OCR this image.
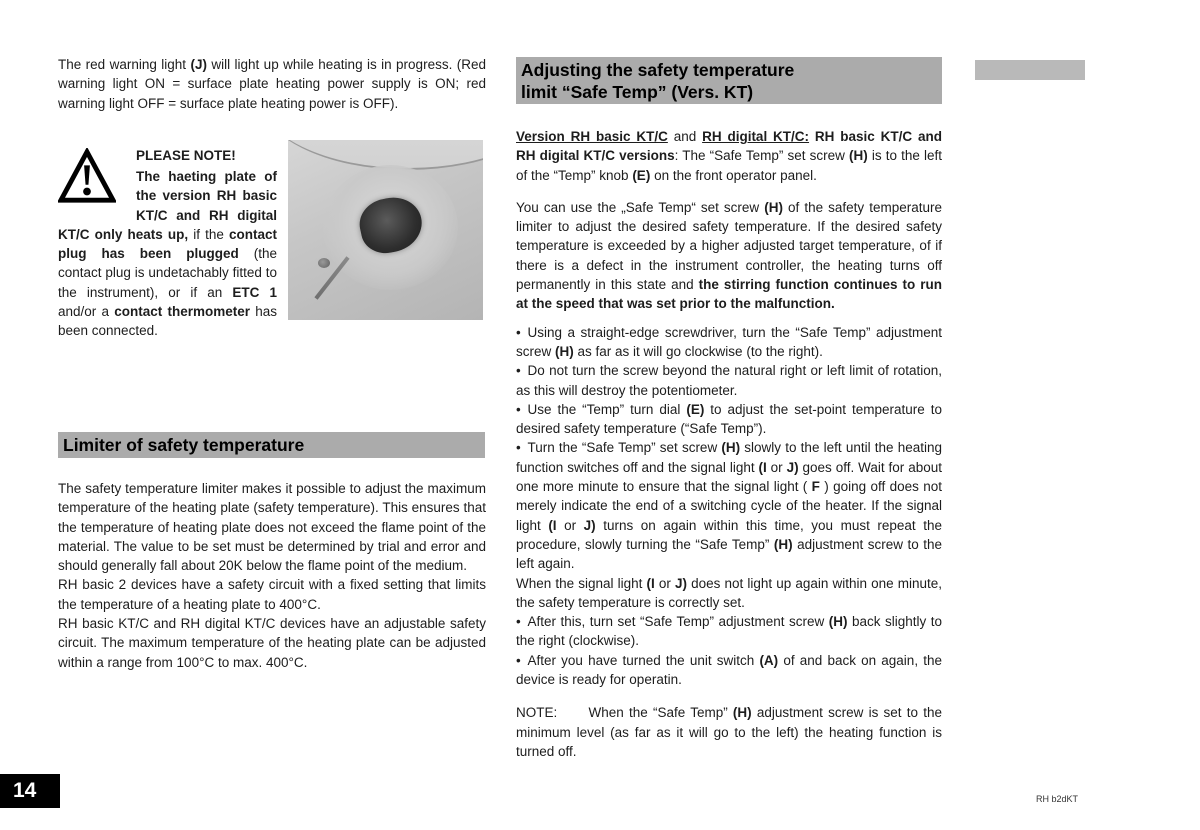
The red warning light (J) will light up while heating is in progress. (Red warning light ON = surface plate heating power supply is ON; red warning light OFF = surface plate heating power is OFF).

PLEASE NOTE!

The haeting plate of the version RH basic KT/C and RH digital KT/C only heats up, if the contact plug has been plugged (the contact plug is undetachably fitted to the instrument), or if an ETC 1 and/or a contact thermometer has been connected.

Limiter of safety temperature

The safety temperature limiter makes it possible to adjust the maximum temperature of the heating plate (safety temperature). This ensures that the temperature of heating plate does not exceed the flame point of the material. The value to be set must be determined by trial and error and should generally fall about 20K below the flame point of the medium.

RH basic 2 devices have a safety circuit with a fixed setting that limits the temperature of a heating plate to 400°C.

RH basic KT/C and RH digital KT/C devices have an adjustable safety circuit. The maximum temperature of the heating plate can be adjusted within a range from 100°C to max. 400°C.

Adjusting the safety temperature
limit “Safe Temp” (Vers. KT)

Version RH basic KT/C and RH digital KT/C: RH basic KT/C and RH digital KT/C versions: The “Safe Temp” set screw (H) is to the left of the “Temp” knob (E) on the front operator panel.

You can use the „Safe Temp“ set screw (H) of the safety temperature limiter to adjust the desired safety temperature. If the desired safety temperature is exceeded by a higher adjusted target temperature, of if there is a defect in the instrument controller, the heating turns off permanently in this state and the stirring function continues to run at the speed that was set prior to the malfunction.

• Using a straight-edge screwdriver, turn the “Safe Temp” adjustment screw (H) as far as it will go clockwise (to the right).

• Do not turn the screw beyond the natural right or left limit of rotation, as this will destroy the potentiometer.

• Use the “Temp” turn dial (E) to adjust the set-point temperature to desired safety temperature (“Safe Temp”).

• Turn the “Safe Temp” set screw (H) slowly to the left until the heating function switches off and the signal light (I or J) goes off. Wait for about one more minute to ensure that the signal light ( F ) going off does not merely indicate the end of a switching cycle of the heater. If the signal light (I or J) turns on again within this time, you must repeat the procedure, slowly turning the “Safe Temp” (H) adjustment screw to the left again.

When the signal light (I or J) does not light up again within one minute, the safety temperature is correctly set.

• After this, turn set “Safe Temp” adjustment screw (H) back slightly to the right (clockwise).

• After you have turned the unit switch (A) of and back on again, the device is ready for operatin.

NOTE:      When the “Safe Temp” (H) adjustment screw is set to the minimum level (as far as it will go to the left) the heating function is turned off.

14	RH b2dKT
